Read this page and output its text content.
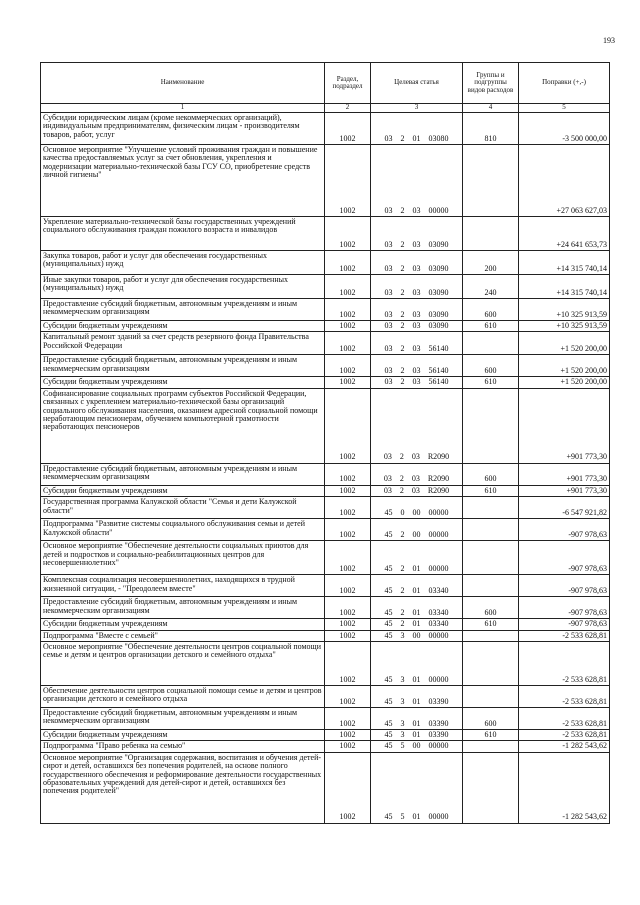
193
Наименование	Раздел, подраздел	Целевая статья	Группы и подгруппы видов расходов	Поправки (+,-)
1	2	3	4	5
Субсидии юридическим лицам (кроме некоммерческих организаций), индивидуальным предпринимателям, физическим лицам - производителям товаров, работ, услуг	1002	03 2 01 03080	810	-3 500 000,00
Основное мероприятие "Улучшение условий проживания граждан и повышение качества предоставляемых услуг за счет обновления, укрепления и модернизации материально-технической базы ГСУ СО, приобретение средств личной гигиены"	1002	03 2 03 00000		+27 063 627,03
Укрепление материально-технической базы государственных учреждений социального обслуживания граждан пожилого возраста и инвалидов	1002	03 2 03 03090		+24 641 653,73
Закупка товаров, работ и услуг для обеспечения государственных (муниципальных) нужд	1002	03 2 03 03090	200	+14 315 740,14
Иные закупки товаров, работ и услуг для обеспечения государственных (муниципальных) нужд	1002	03 2 03 03090	240	+14 315 740,14
Предоставление субсидий бюджетным, автономным учреждениям и иным некоммерческим организациям	1002	03 2 03 03090	600	+10 325 913,59
Субсидии бюджетным учреждениям	1002	03 2 03 03090	610	+10 325 913,59
Капитальный ремонт зданий за счет средств резервного фонда Правительства Российской Федерации	1002	03 2 03 56140		+1 520 200,00
Предоставление субсидий бюджетным, автономным учреждениям и иным некоммерческим организациям	1002	03 2 03 56140	600	+1 520 200,00
Субсидии бюджетным учреждениям	1002	03 2 03 56140	610	+1 520 200,00
Софинансирование социальных программ субъектов Российской Федерации, связанных с укреплением материально-технической базы организаций социального обслуживания населения, оказанием адресной социальной помощи неработающим пенсионерам, обучением компьютерной грамотности неработающих пенсионеров	1002	03 2 03 R2090		+901 773,30
Предоставление субсидий бюджетным, автономным учреждениям и иным некоммерческим организациям	1002	03 2 03 R2090	600	+901 773,30
Субсидии бюджетным учреждениям	1002	03 2 03 R2090	610	+901 773,30
Государственная программа Калужской области "Семья и дети Калужской области"	1002	45 0 00 00000		-6 547 921,82
Подпрограмма "Развитие системы социального обслуживания семьи и детей Калужской области"	1002	45 2 00 00000		-907 978,63
Основное мероприятие "Обеспечение деятельности социальных приютов для детей и подростков и социально-реабилитационных центров для несовершеннолетних"	1002	45 2 01 00000		-907 978,63
Комплексная социализация несовершеннолетних, находящихся в трудной жизненной ситуации, - "Преодолеем вместе"	1002	45 2 01 03340		-907 978,63
Предоставление субсидий бюджетным, автономным учреждениям и иным некоммерческим организациям	1002	45 2 01 03340	600	-907 978,63
Субсидии бюджетным учреждениям	1002	45 2 01 03340	610	-907 978,63
Подпрограмма "Вместе с семьей"	1002	45 3 00 00000		-2 533 628,81
Основное мероприятие "Обеспечение деятельности центров социальной помощи семье и детям и центров организации детского и семейного отдыха"	1002	45 3 01 00000		-2 533 628,81
Обеспечение деятельности центров социальной помощи семье и детям и центров организации детского и семейного отдыха	1002	45 3 01 03390		-2 533 628,81
Предоставление субсидий бюджетным, автономным учреждениям и иным некоммерческим организациям	1002	45 3 01 03390	600	-2 533 628,81
Субсидии бюджетным учреждениям	1002	45 3 01 03390	610	-2 533 628,81
Подпрограмма "Право ребенка на семью"	1002	45 5 00 00000		-1 282 543,62
Основное мероприятие "Организация содержания, воспитания и обучения детей-сирот и детей, оставшихся без попечения родителей, на основе полного государственного обеспечения и реформирование деятельности государственных образовательных учреждений для детей-сирот и детей, оставшихся без попечения родителей"	1002	45 5 01 00000		-1 282 543,62
